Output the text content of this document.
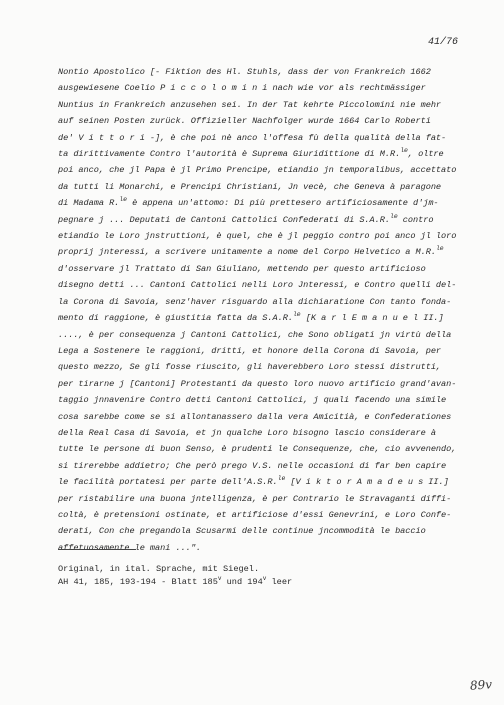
41/76
Nontio Apostolico [- Fiktion des Hl. Stuhls, dass der von Frankreich 1662
ausgewiesene Coelio P i c c o l o m i n i nach wie vor als rechtmässiger
Nuntius in Frankreich anzusehen sei. In der Tat kehrte Piccolomini nie mehr
auf seinen Posten zurück. Offizieller Nachfolger wurde 1664 Carlo Roberti
de' V i t t o r i -], è che poi nè anco l'offesa fù della qualità della fat-
ta dirittivamente Contro l'autorità è Suprema Giuridittione di M.R.$^{le}$, oltre
poi anco, che jl Papa è jl Primo Prencipe, etiandio jn temporalibus, accettato
da tutti li Monarchi, e Prencipi Christiani, Jn vecè, che Geneva à paragone
di Madama R.$^{le}$ è appena un'attomo: Di più prettesero artificiosamente d'jm-
pegnare j ... Deputati de Cantoni Cattolici Confederati di S.A.R.$^{le}$ contro
etiandio le Loro jnstruttioni, è quel, che è jl peggio contro poi anco jl loro
proprij jnteressi, a scrivere unitamente a nome del Corpo Helvetico a M.R.$^{le}$
d'osservare jl Trattato di San Giuliano, mettendo per questo artificioso
disegno detti ... Cantoni Cattolici nelli Loro Jnteressi, e Contro quelli del-
la Corona di Savoia, senz'haver risguardo alla dichiaratione Con tanto fonda-
mento di raggione, è giustitia fatta da S.A.R.$^{le}$ [K a r l E m a n u e l II.]
...., è per consequenza j Cantoni Cattolici, che Sono obligati jn virtù della
Lega a Sostenere le raggioni, dritti, et honore della Corona di Savoia, per
questo mezzo, Se gli fosse riuscito, gli haverebbero Loro stessi distrutti,
per tirarne j [Cantoni] Protestanti da questo loro nuovo artificio grand'avan-
taggio jnnavenire Contro detti Cantoni Cattolici, j quali facendo una simile
cosa sarebbe come se si allontanassero dalla vera Amicitià, e Confederationes
della Real Casa di Savoia, et jn qualche Loro bisogno lascio considerare à
tutte le persone di buon Senso, è prudenti le Consequenze, che, cio avvenendo,
si tirerebbe addietro; Che però prego V.S. nelle occasioni di far ben capire
le facilità portatesi per parte dell'A.S.R.$^{le}$ [V i k t o r A m a d e u s II.]
per ristabilire una buona jntelligenza, è per Contrario le Stravaganti diffi-
coltà, è pretensioni ostinate, et artificiose d'essi Genevrini, e Loro Confe-
derati, Con che pregandola Scusarmi delle continue jncommodità le baccio
affetuosamente le mani ...".
Original, in ital. Sprache, mit Siegel.
AH 41, 185, 193-194 - Blatt 185$^v$ und 194$^v$ leer
89v
